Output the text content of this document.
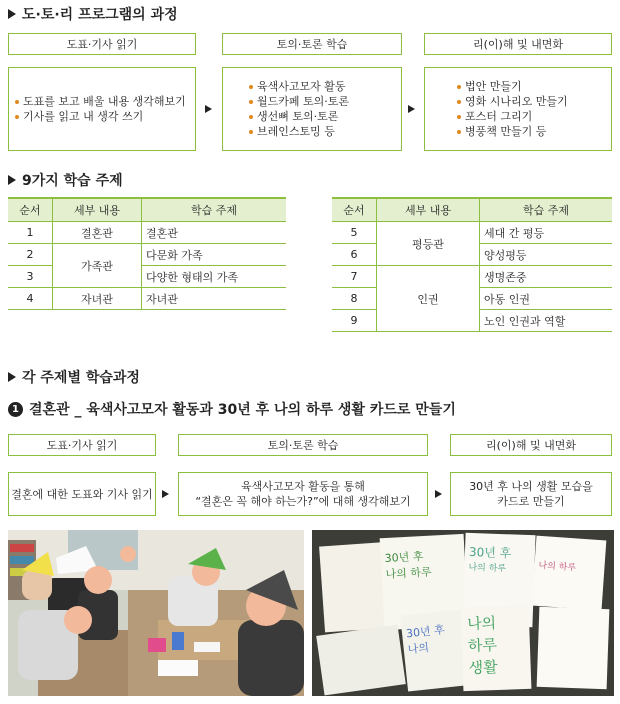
도·토·리 프로그램의 과정
도표·기사 읽기	토의·토론 학습	리(이)해 및 내면화
도표를 보고 배울 내용 생각해보기
기사를 읽고 내 생각 쓰기
육색사고모자 활동
월드카페 토의·토론
생선뼈 토의·토론
브레인스토밍 등
법안 만들기
영화 시나리오 만들기
포스터 그리기
병풍책 만들기 등
9가지 학습 주제
순서	세부 내용	학습 주제
1	결혼관	결혼관
2	가족관	다문화 가족
3		다양한 형태의 가족
4	자녀관	자녀관
순서	세부 내용	학습 주제
5	평등관	세대 간 평등
6		양성평등
7	인권	생명존중
8		아동 인권
9		노인 인권과 역할
각 주제별 학습과정
1 결혼관 _ 육색사고모자 활동과 30년 후 나의 하루 생활 카드로 만들기
도표·기사 읽기	토의·토론 학습	리(이)해 및 내면화
결혼에 대한 도표와 기사 읽기
육색사고모자 활동을 통해
“결혼은 꼭 해야 하는가?”에 대해 생각해보기
30년 후 나의 생활 모습을
카드로 만들기
30년 후
나의 하루
30년 후
나의 하루	나의 하루
30년 후
나의
나의
하루
생활
